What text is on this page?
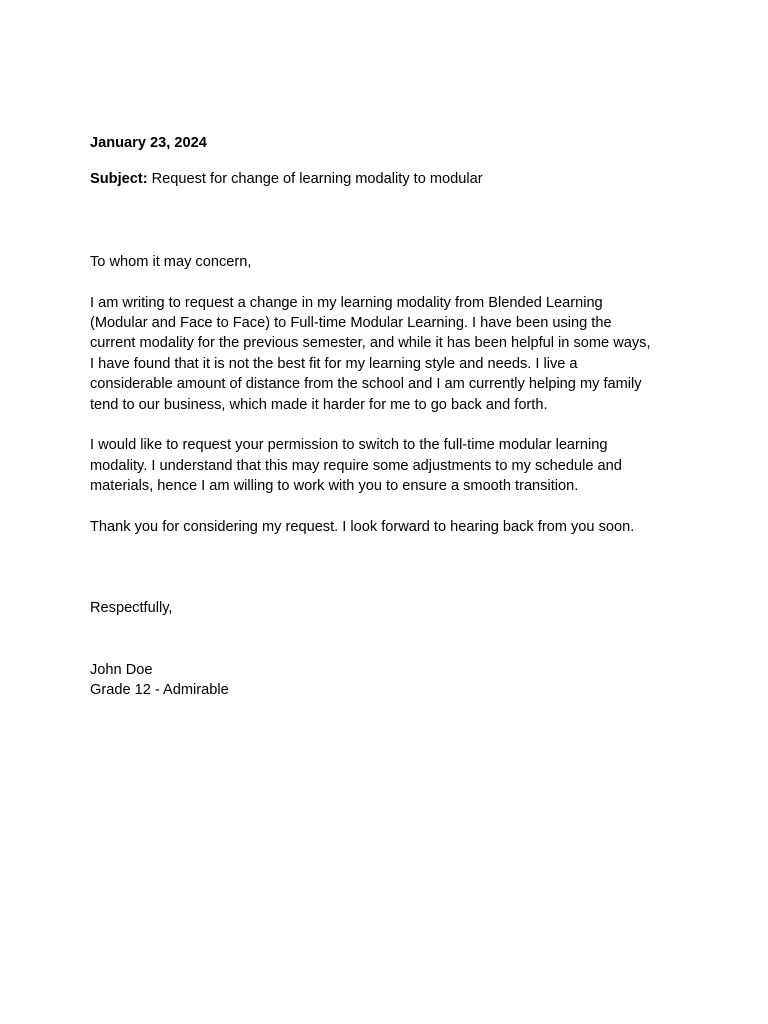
January 23, 2024
Subject: Request for change of learning modality to modular
To whom it may concern,
I am writing to request a change in my learning modality from Blended Learning
(Modular and Face to Face) to Full-time Modular Learning. I have been using the
current modality for the previous semester, and while it has been helpful in some ways,
I have found that it is not the best fit for my learning style and needs. I live a
considerable amount of distance from the school and I am currently helping my family
tend to our business, which made it harder for me to go back and forth.
I would like to request your permission to switch to the full-time modular learning
modality. I understand that this may require some adjustments to my schedule and
materials, hence I am willing to work with you to ensure a smooth transition.
Thank you for considering my request. I look forward to hearing back from you soon.
Respectfully,
John Doe
Grade 12 - Admirable
